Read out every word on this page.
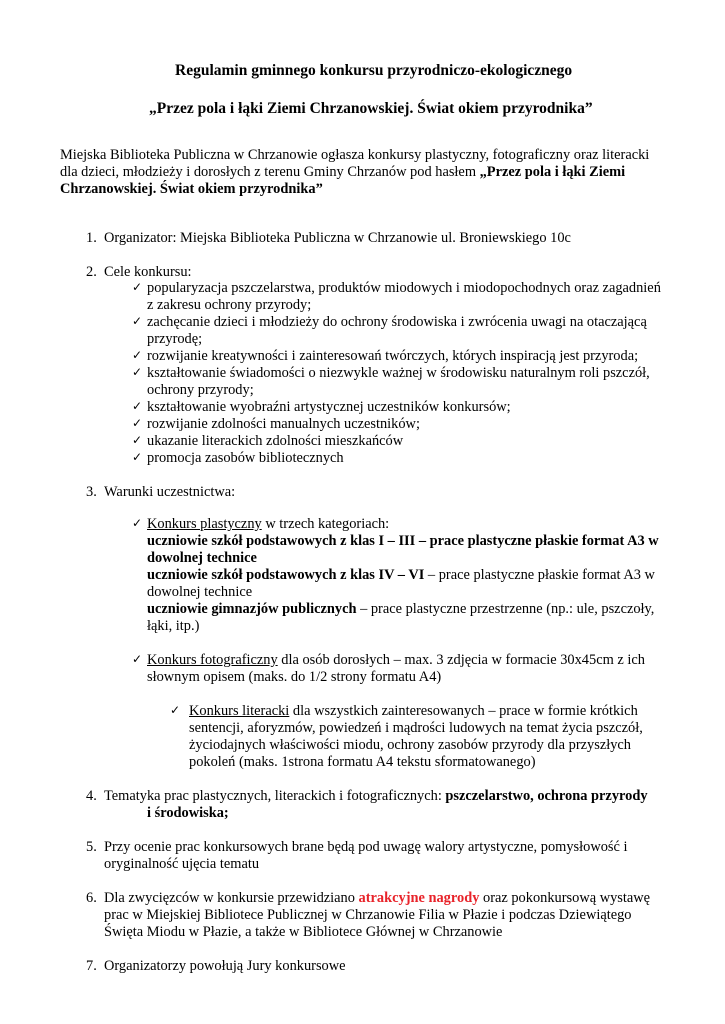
Regulamin gminnego konkursu przyrodniczo-ekologicznego
„Przez pola i łąki Ziemi Chrzanowskiej. Świat okiem przyrodnika”
Miejska Biblioteka Publiczna w Chrzanowie ogłasza konkursy plastyczny, fotograficzny oraz literacki
dla dzieci, młodzieży i dorosłych z terenu Gminy Chrzanów pod hasłem „Przez pola i łąki Ziemi
Chrzanowskiej. Świat okiem przyrodnika”
1. Organizator: Miejska Biblioteka Publiczna w Chrzanowie ul. Broniewskiego 10c
2. Cele konkursu:
✓ popularyzacja pszczelarstwa, produktów miodowych i miodopochodnych oraz zagadnień
z zakresu ochrony przyrody;
✓ zachęcanie dzieci i młodzieży do ochrony środowiska i zwrócenia uwagi na otaczającą
przyrodę;
✓ rozwijanie kreatywności i zainteresowań twórczych, których inspiracją jest przyroda;
✓ kształtowanie świadomości o niezwykle ważnej w środowisku naturalnym roli pszczół,
ochrony przyrody;
✓ kształtowanie wyobraźni artystycznej uczestników konkursów;
✓ rozwijanie zdolności manualnych uczestników;
✓ ukazanie literackich zdolności mieszkańców
✓ promocja zasobów bibliotecznych
3. Warunki uczestnictwa:
✓ Konkurs plastyczny w trzech kategoriach:
uczniowie szkół podstawowych z klas I – III – prace plastyczne płaskie format A3 w
dowolnej technice
uczniowie szkół podstawowych z klas IV – VI – prace plastyczne płaskie format A3 w
dowolnej technice
uczniowie gimnazjów publicznych – prace plastyczne przestrzenne (np.: ule, pszczoły,
łąki, itp.)
✓ Konkurs fotograficzny dla osób dorosłych – max. 3 zdjęcia w formacie 30x45cm z ich
słownym opisem (maks. do 1/2 strony formatu A4)
✓ Konkurs literacki dla wszystkich zainteresowanych – prace w formie krótkich
sentencji, aforyzmów, powiedzeń i mądrości ludowych na temat życia pszczół,
życiodajnych właściwości miodu, ochrony zasobów przyrody dla przyszłych
pokoleń (maks. 1strona formatu A4 tekstu sformatowanego)
4. Tematyka prac plastycznych, literackich i fotograficznych: pszczelarstwo, ochrona przyrody
i środowiska;
5. Przy ocenie prac konkursowych brane będą pod uwagę walory artystyczne, pomysłowość i
oryginalność ujęcia tematu
6. Dla zwycięzców w konkursie przewidziano atrakcyjne nagrody oraz pokonkursową wystawę
prac w Miejskiej Bibliotece Publicznej w Chrzanowie Filia w Płazie i podczas Dziewiątego
Święta Miodu w Płazie, a także w Bibliotece Głównej w Chrzanowie
7. Organizatorzy powołują Jury konkursowe
